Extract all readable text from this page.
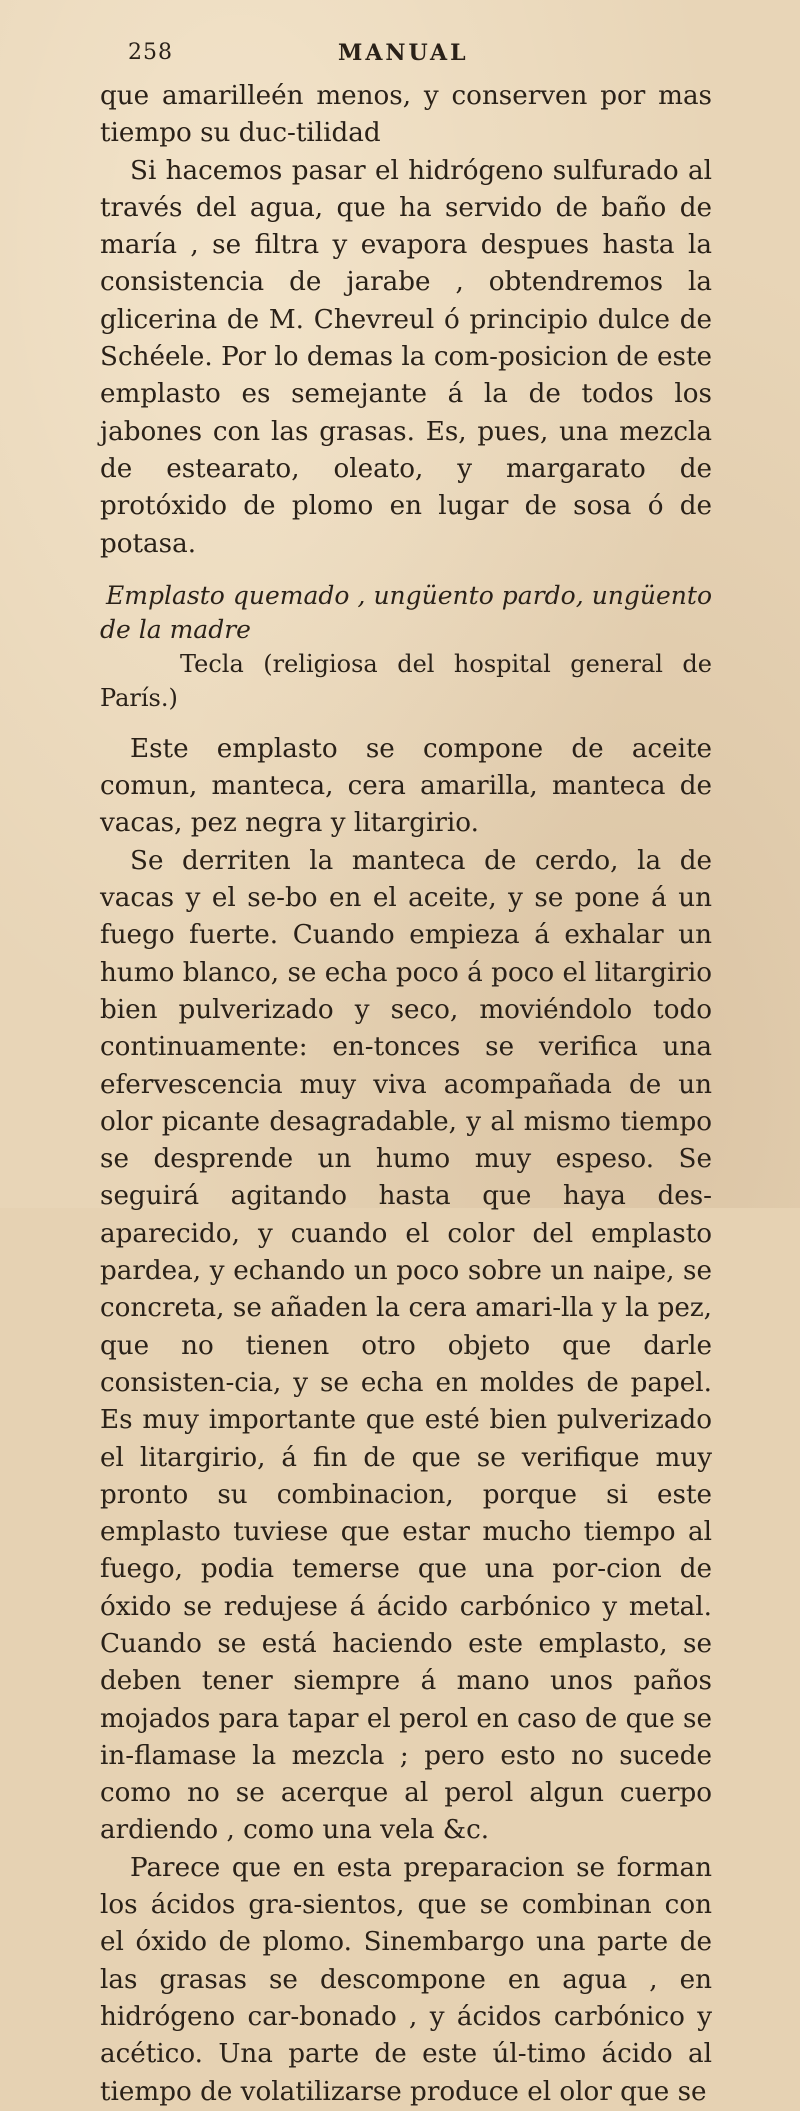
258	MANUAL

que amarilleén menos, y conserven por mas tiempo su duc-tilidad

Si hacemos pasar el hidrógeno sulfurado al través del agua, que ha servido de baño de maría , se filtra y evapora despues hasta la consistencia de jarabe , obtendremos la glicerina de M. Chevreul ó principio dulce de Schéele. Por lo demas la com-posicion de este emplasto es semejante á la de todos los jabones con las grasas. Es, pues, una mezcla de estearato, oleato, y margarato de protóxido de plomo en lugar de sosa ó de potasa.

Emplasto quemado , ungüento pardo, ungüento de la madre

Tecla (religiosa del hospital general de París.)

Este emplasto se compone de aceite comun, manteca, cera amarilla, manteca de vacas, pez negra y litargirio.

Se derriten la manteca de cerdo, la de vacas y el se-bo en el aceite, y se pone á un fuego fuerte. Cuando empieza á exhalar un humo blanco, se echa poco á poco el litargirio bien pulverizado y seco, moviéndolo todo continuamente: en-tonces se verifica una efervescencia muy viva acompañada de un olor picante desagradable, y al mismo tiempo se desprende un humo muy espeso. Se seguirá agitando hasta que haya des-aparecido, y cuando el color del emplasto pardea, y echando un poco sobre un naipe, se concreta, se añaden la cera amari-lla y la pez, que no tienen otro objeto que darle consisten-cia, y se echa en moldes de papel. Es muy importante que esté bien pulverizado el litargirio, á fin de que se verifique muy pronto su combinacion, porque si este emplasto tuviese que estar mucho tiempo al fuego, podia temerse que una por-cion de óxido se redujese á ácido carbónico y metal. Cuando se está haciendo este emplasto, se deben tener siempre á mano unos paños mojados para tapar el perol en caso de que se in-flamase la mezcla ; pero esto no sucede como no se acerque al perol algun cuerpo ardiendo , como una vela &c.

Parece que en esta preparacion se forman los ácidos gra-sientos, que se combinan con el óxido de plomo. Sinembargo una parte de las grasas se descompone en agua , en hidrógeno car-bonado , y ácidos carbónico y acético. Una parte de este úl-timo ácido al tiempo de volatilizarse produce el olor que se
